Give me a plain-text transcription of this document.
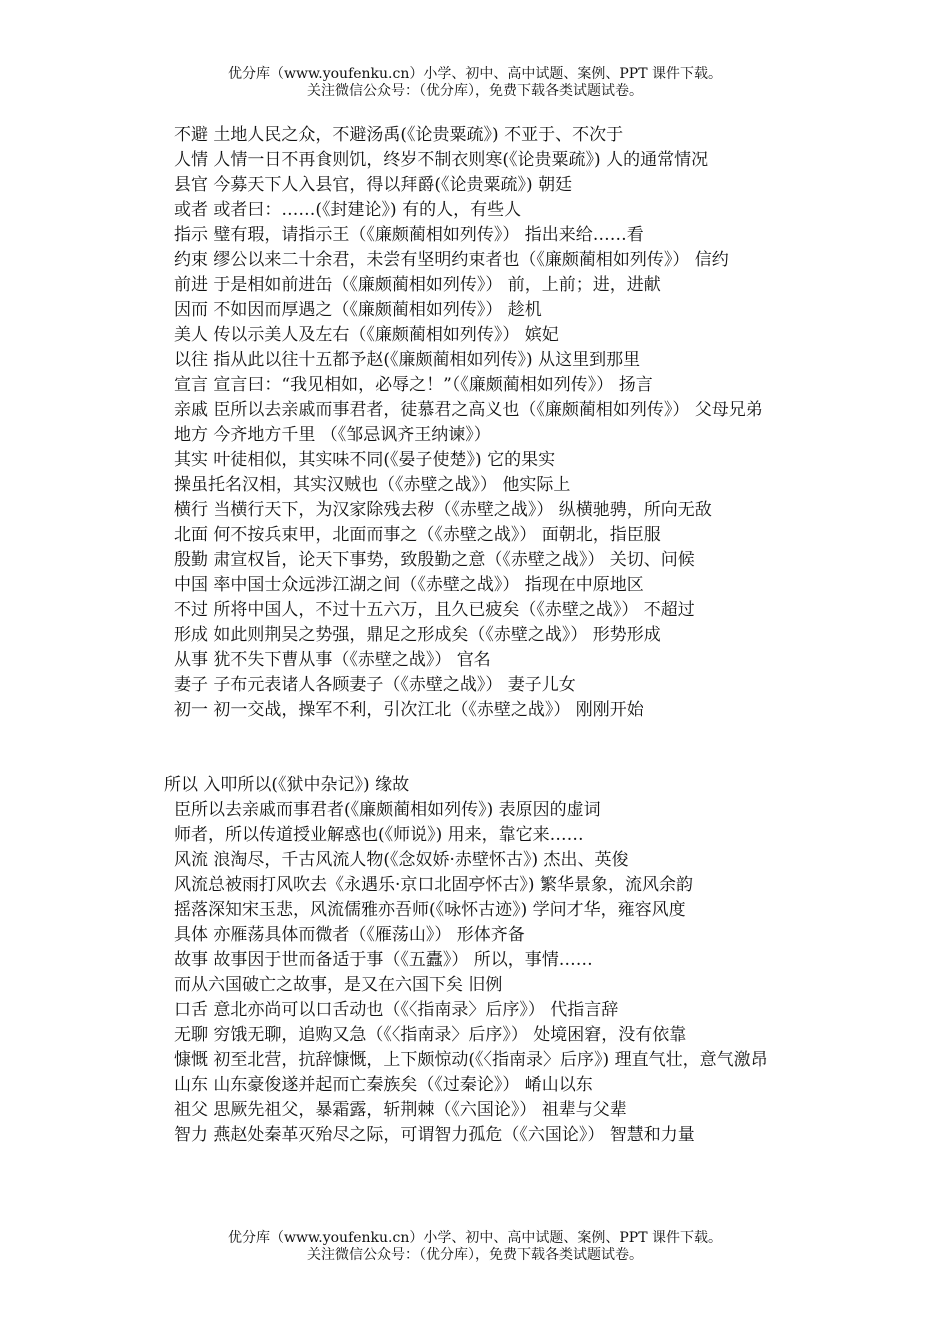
优分库（www.youfenku.cn）小学、初中、高中试题、案例、PPT 课件下载。
关注微信公众号：（优分库），免费下载各类试题试卷。
不避 土地人民之众，不避汤禹(《论贵粟疏》) 不亚于、不次于
人情 人情一日不再食则饥，终岁不制衣则寒(《论贵粟疏》) 人的通常情况
县官 今募天下人入县官，得以拜爵(《论贵粟疏》) 朝廷
或者 或者曰：……(《封建论》) 有的人，有些人
指示 璧有瑕，请指示王（《廉颇蔺相如列传》） 指出来给……看
约束 缪公以来二十余君，未尝有坚明约束者也（《廉颇蔺相如列传》） 信约
前进 于是相如前进缶（《廉颇蔺相如列传》） 前，上前；进，进献
因而 不如因而厚遇之（《廉颇蔺相如列传》） 趁机
美人 传以示美人及左右（《廉颇蔺相如列传》） 嫔妃
以往 指从此以往十五都予赵(《廉颇蔺相如列传》) 从这里到那里
宣言 宣言曰：“我见相如，必辱之！”（《廉颇蔺相如列传》） 扬言
亲戚 臣所以去亲戚而事君者，徒慕君之高义也（《廉颇蔺相如列传》） 父母兄弟
地方 今齐地方千里 （《邹忌讽齐王纳谏》）
其实 叶徒相似，其实味不同(《晏子使楚》) 它的果实
操虽托名汉相，其实汉贼也（《赤壁之战》） 他实际上
横行 当横行天下，为汉家除残去秽（《赤壁之战》） 纵横驰骋，所向无敌
北面 何不按兵束甲，北面而事之（《赤壁之战》） 面朝北，指臣服
殷勤 肃宣权旨，论天下事势，致殷勤之意（《赤壁之战》） 关切、问候
中国 率中国士众远涉江湖之间（《赤壁之战》） 指现在中原地区
不过 所将中国人，不过十五六万，且久已疲矣（《赤壁之战》） 不超过
形成 如此则荆吴之势强，鼎足之形成矣（《赤壁之战》） 形势形成
从事 犹不失下曹从事（《赤壁之战》） 官名
妻子 子布元表诸人各顾妻子（《赤壁之战》） 妻子儿女
初一 初一交战，操军不利，引次江北（《赤壁之战》） 刚刚开始
所以 入叩所以(《狱中杂记》) 缘故
臣所以去亲戚而事君者(《廉颇蔺相如列传》) 表原因的虚词
师者，所以传道授业解惑也(《师说》) 用来，靠它来……
风流 浪淘尽，千古风流人物(《念奴娇·赤壁怀古》) 杰出、英俊
风流总被雨打风吹去《永遇乐·京口北固亭怀古》) 繁华景象，流风余韵
摇落深知宋玉悲，风流儒雅亦吾师(《咏怀古迹》) 学问才华，雍容风度
具体 亦雁荡具体而微者（《雁荡山》） 形体齐备
故事 故事因于世而备适于事（《五蠹》） 所以，事情……
而从六国破亡之故事，是又在六国下矣 旧例
口舌 意北亦尚可以口舌动也（《〈指南录〉后序》） 代指言辞
无聊 穷饿无聊，追购又急（《〈指南录〉后序》） 处境困窘，没有依靠
慷慨 初至北营，抗辞慷慨，上下颇惊动(《〈指南录〉后序》) 理直气壮，意气激昂
山东 山东豪俊遂并起而亡秦族矣（《过秦论》） 崤山以东
祖父 思厥先祖父，暴霜露，斩荆棘（《六国论》） 祖辈与父辈
智力 燕赵处秦革灭殆尽之际，可谓智力孤危（《六国论》） 智慧和力量
优分库（www.youfenku.cn）小学、初中、高中试题、案例、PPT 课件下载。
关注微信公众号：（优分库），免费下载各类试题试卷。
